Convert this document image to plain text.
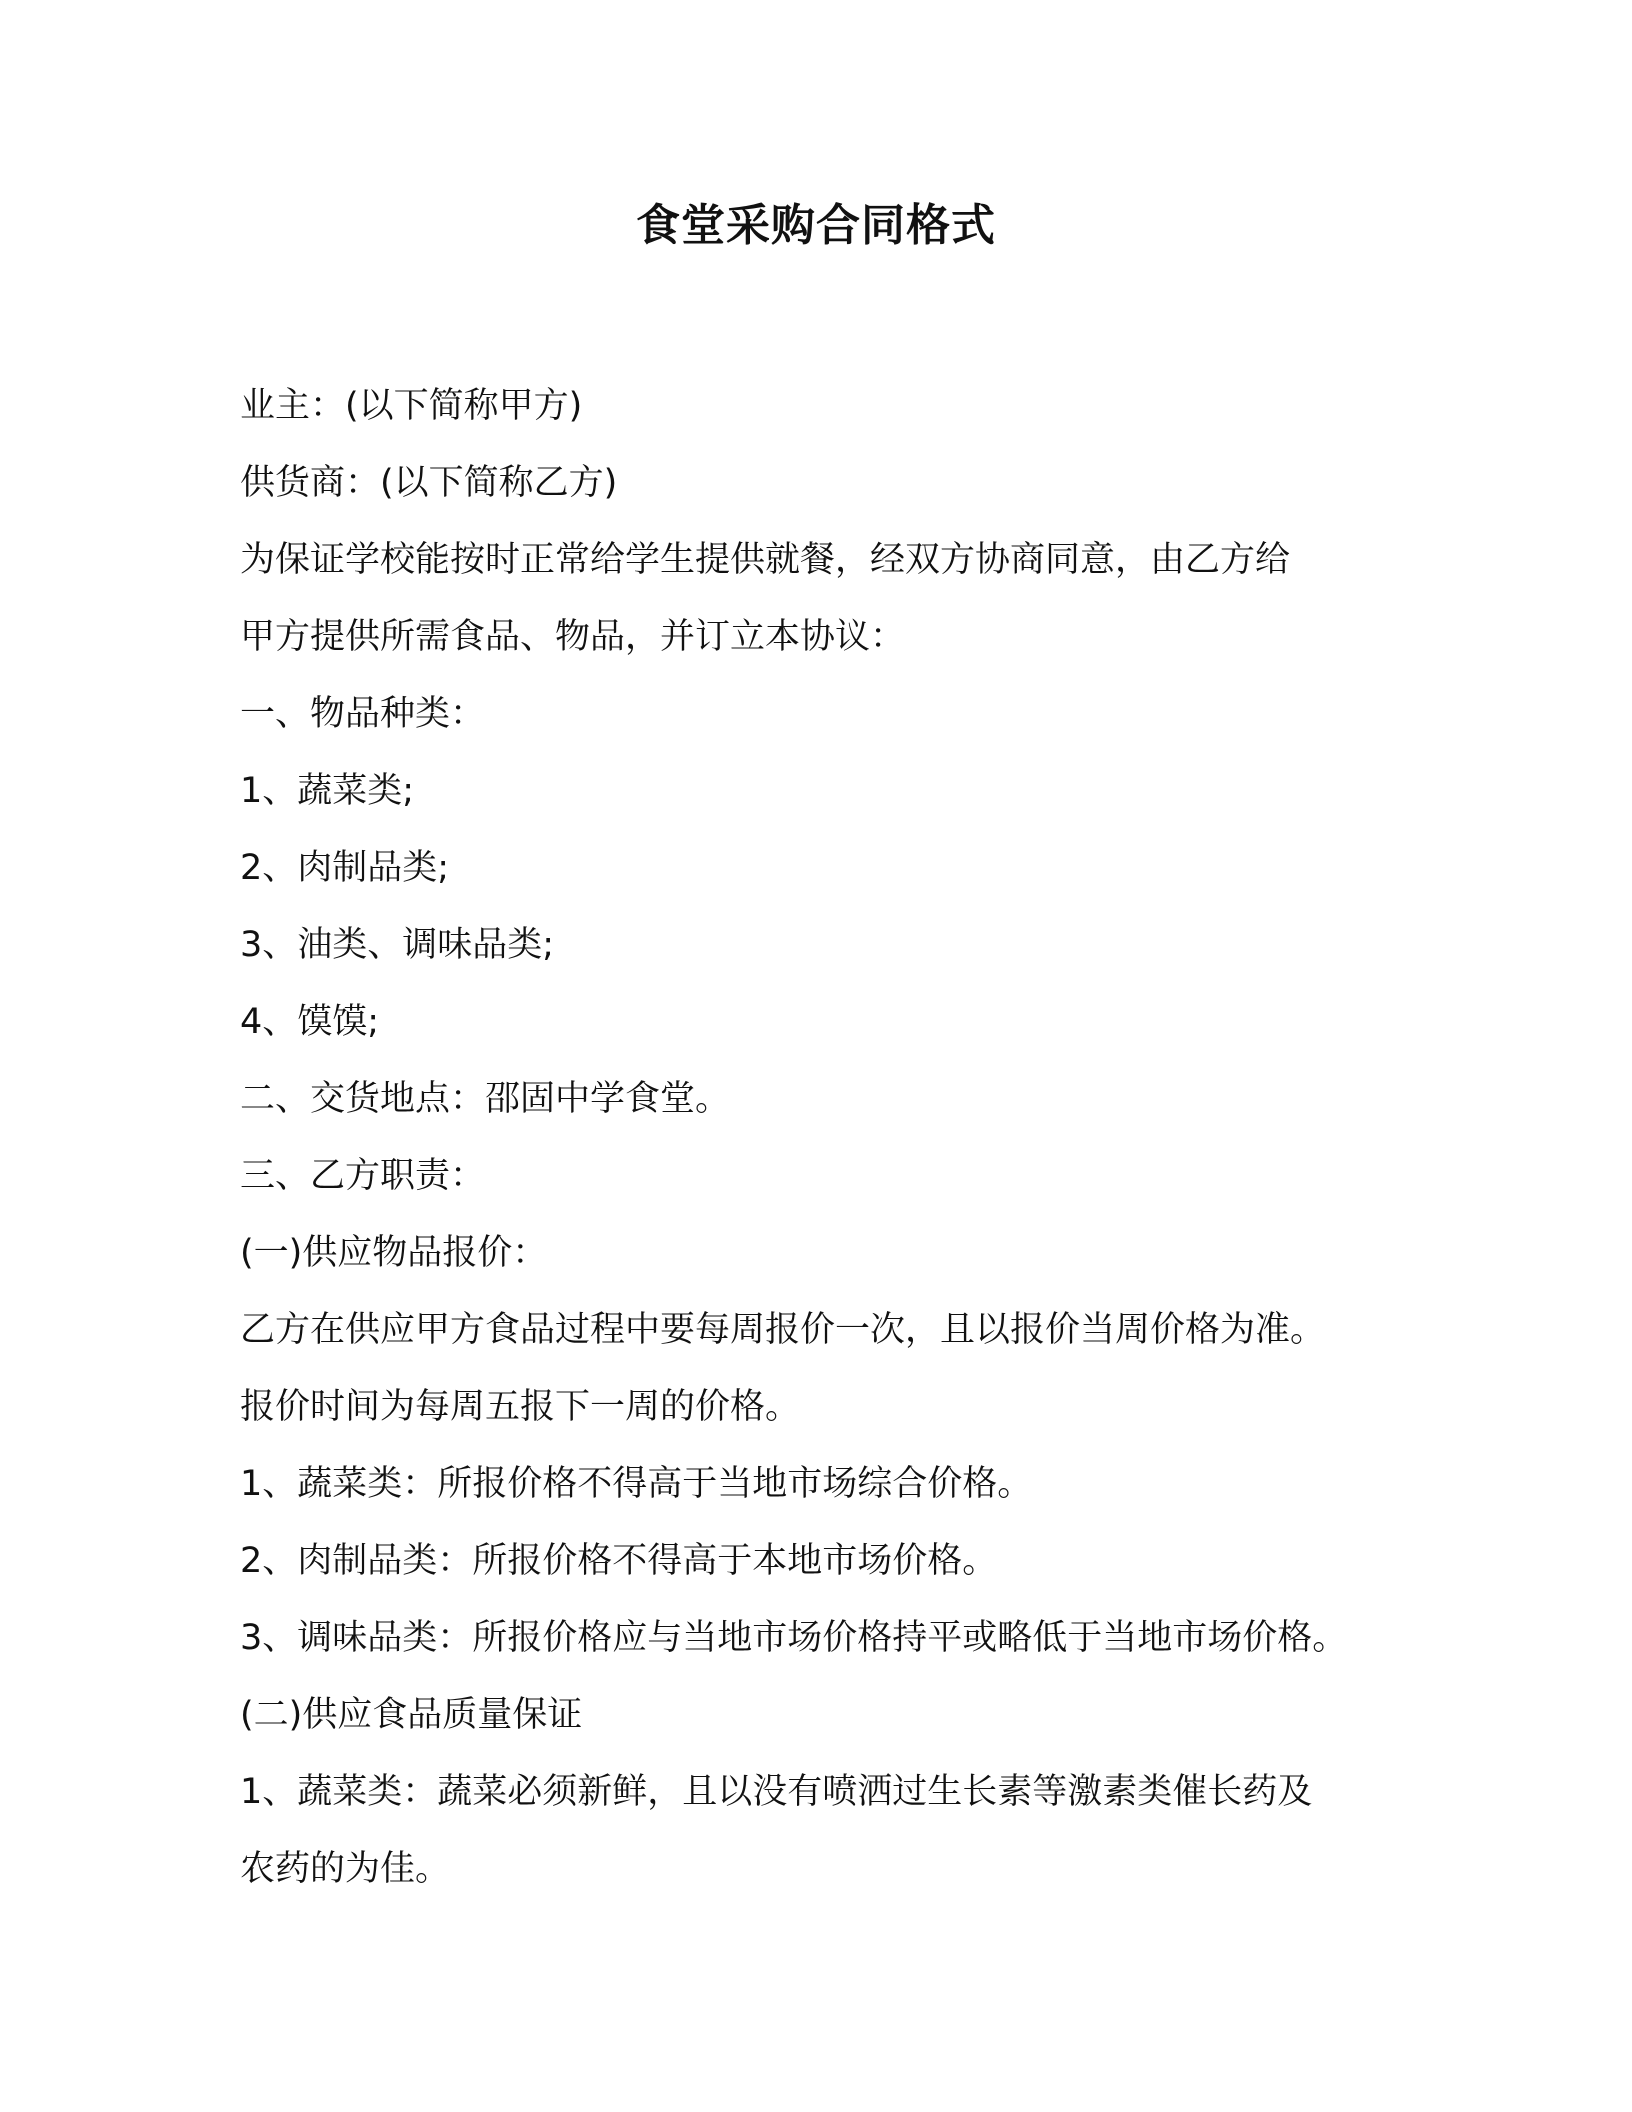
食堂采购合同格式
业主：(以下简称甲方)
供货商：(以下简称乙方)
为保证学校能按时正常给学生提供就餐，经双方协商同意，由乙方给
甲方提供所需食品、物品，并订立本协议：
一、物品种类：
1、蔬菜类;
2、肉制品类;
3、油类、调味品类;
4、馍馍;
二、交货地点：邵固中学食堂。
三、乙方职责：
(一)供应物品报价：
乙方在供应甲方食品过程中要每周报价一次，且以报价当周价格为准。
报价时间为每周五报下一周的价格。
1、蔬菜类：所报价格不得高于当地市场综合价格。
2、肉制品类：所报价格不得高于本地市场价格。
3、调味品类：所报价格应与当地市场价格持平或略低于当地市场价格。
(二)供应食品质量保证
1、蔬菜类：蔬菜必须新鲜，且以没有喷洒过生长素等激素类催长药及
农药的为佳。
